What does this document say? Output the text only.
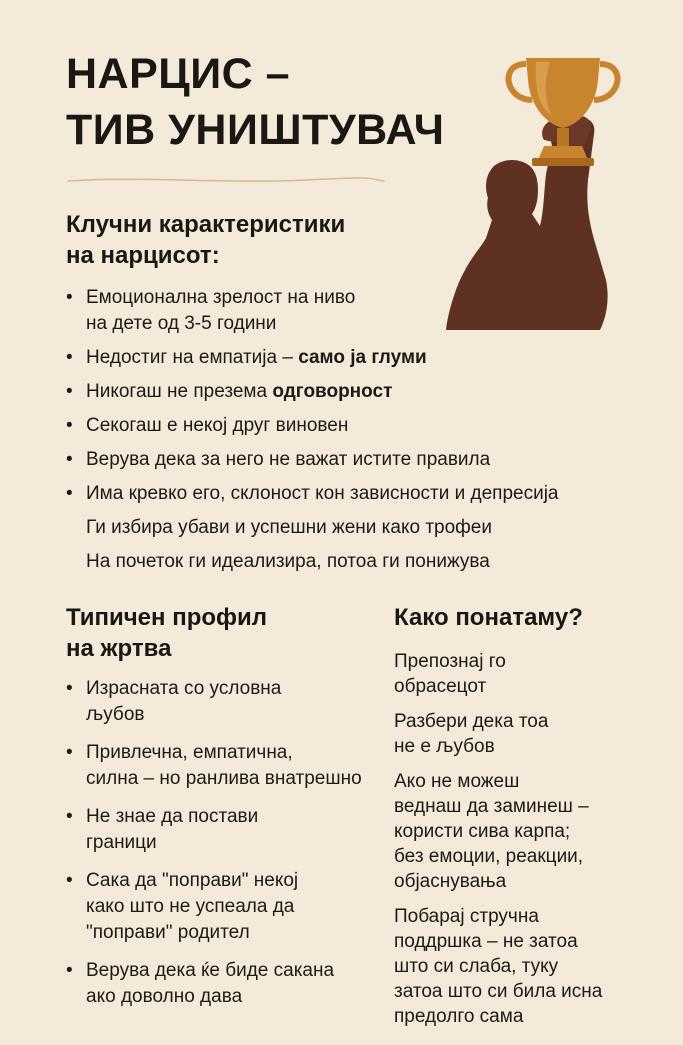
НАРЦИС –
ТИВ УНИШТУВАЧ
Клучни карактеристики
на нарцисот:
• Емоционална зрелост на ниво
на дете од 3-5 години
• Недостиг на емпатија – само ја глуми
• Никогаш не презема одговорност
• Секогаш е некој друг виновен
• Верува дека за него не важат истите правила
• Има кревко его, склоност кон зависности и депресија
Ги избира убави и успешни жени како трофеи
На почеток ги идеализира, потоа ги понижува
Типичен профил
на жртва
• Израсната со условна
љубов
• Привлечна, емпатична,
силна – но ранлива внатрешно
• Не знае да постави
граници
• Сака да "поправи" некој
како што не успеала да
"поправи" родител
• Верува дека ќе биде сакана
ако доволно дава
Како понатаму?
Препознај го
обрасецот
Разбери дека тоа
не е љубов
Ако не можеш
веднаш да заминеш –
користи сива карпа;
без емоции, реакции,
објаснувања
Побарај стручна
поддршка – не затоа
што си слаба, туку
затоа што си била исна
предолго сама
